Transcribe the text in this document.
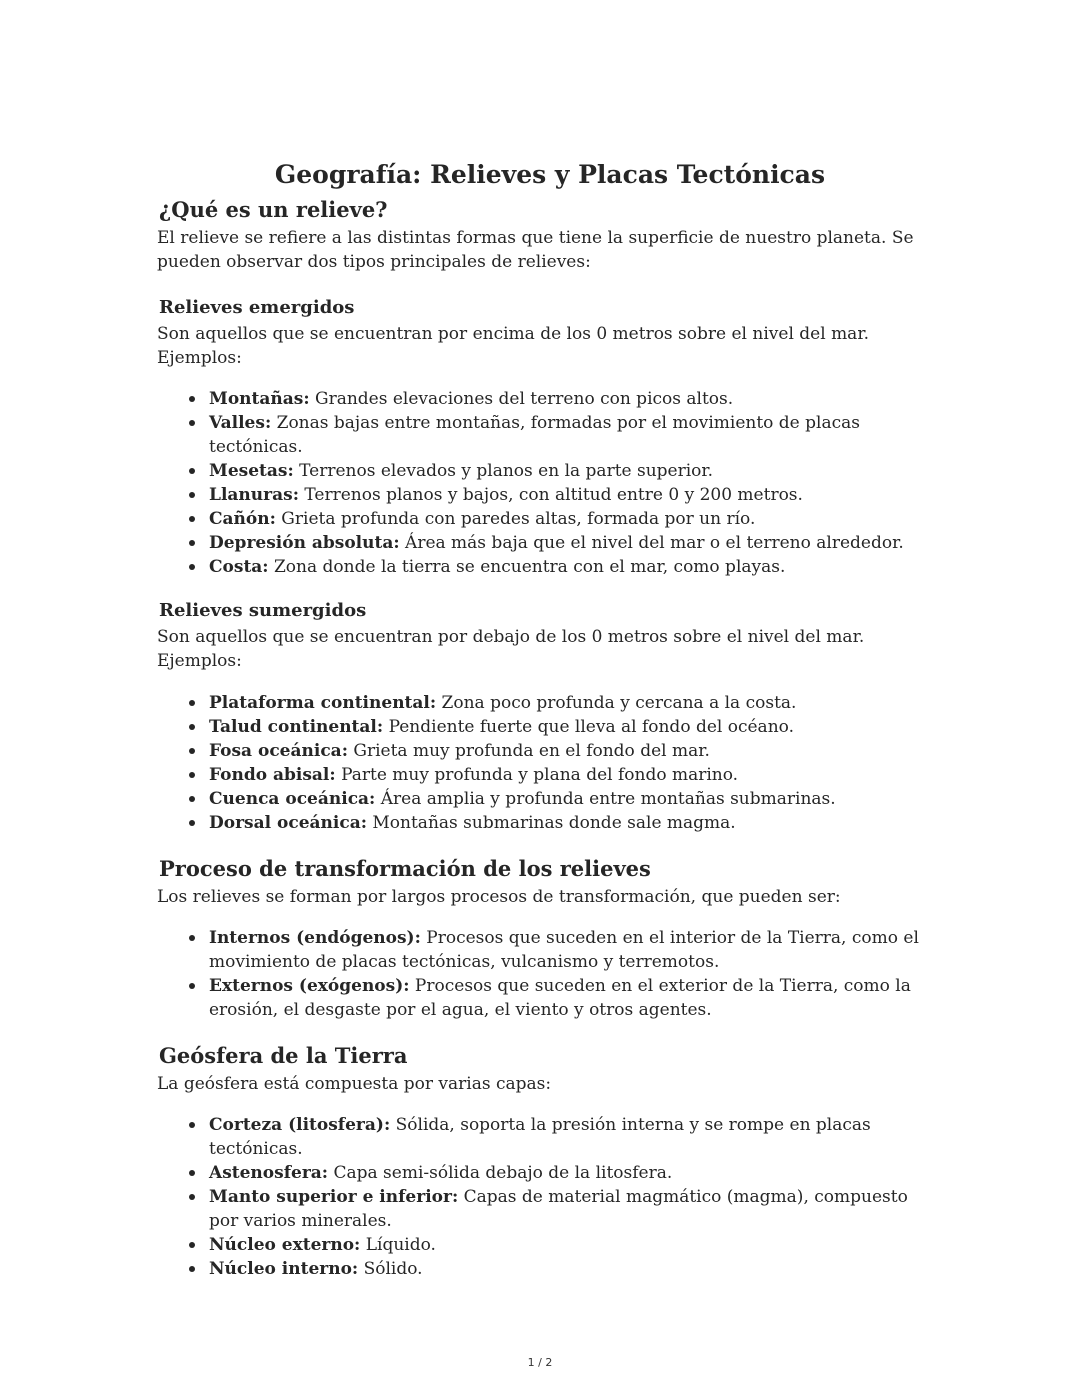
Geografía: Relieves y Placas Tectónicas
¿Qué es un relieve?

El relieve se refiere a las distintas formas que tiene la superficie de nuestro planeta. Se pueden observar dos tipos principales de relieves:

Relieves emergidos

Son aquellos que se encuentran por encima de los 0 metros sobre el nivel del mar. Ejemplos:

Montañas: Grandes elevaciones del terreno con picos altos.
Valles: Zonas bajas entre montañas, formadas por el movimiento de placas tectónicas.
Mesetas: Terrenos elevados y planos en la parte superior.
Llanuras: Terrenos planos y bajos, con altitud entre 0 y 200 metros.
Cañón: Grieta profunda con paredes altas, formada por un río.
Depresión absoluta: Área más baja que el nivel del mar o el terreno alrededor.
Costa: Zona donde la tierra se encuentra con el mar, como playas.
Relieves sumergidos

Son aquellos que se encuentran por debajo de los 0 metros sobre el nivel del mar. Ejemplos:

Plataforma continental: Zona poco profunda y cercana a la costa.
Talud continental: Pendiente fuerte que lleva al fondo del océano.
Fosa oceánica: Grieta muy profunda en el fondo del mar.
Fondo abisal: Parte muy profunda y plana del fondo marino.
Cuenca oceánica: Área amplia y profunda entre montañas submarinas.
Dorsal oceánica: Montañas submarinas donde sale magma.
Proceso de transformación de los relieves

Los relieves se forman por largos procesos de transformación, que pueden ser:

Internos (endógenos): Procesos que suceden en el interior de la Tierra, como el movimiento de placas tectónicas, vulcanismo y terremotos.
Externos (exógenos): Procesos que suceden en el exterior de la Tierra, como la erosión, el desgaste por el agua, el viento y otros agentes.
Geósfera de la Tierra

La geósfera está compuesta por varias capas:

Corteza (litosfera): Sólida, soporta la presión interna y se rompe en placas tectónicas.
Astenosfera: Capa semi-sólida debajo de la litosfera.
Manto superior e inferior: Capas de material magmático (magma), compuesto por varios minerales.
Núcleo externo: Líquido.
Núcleo interno: Sólido.
1 / 2
